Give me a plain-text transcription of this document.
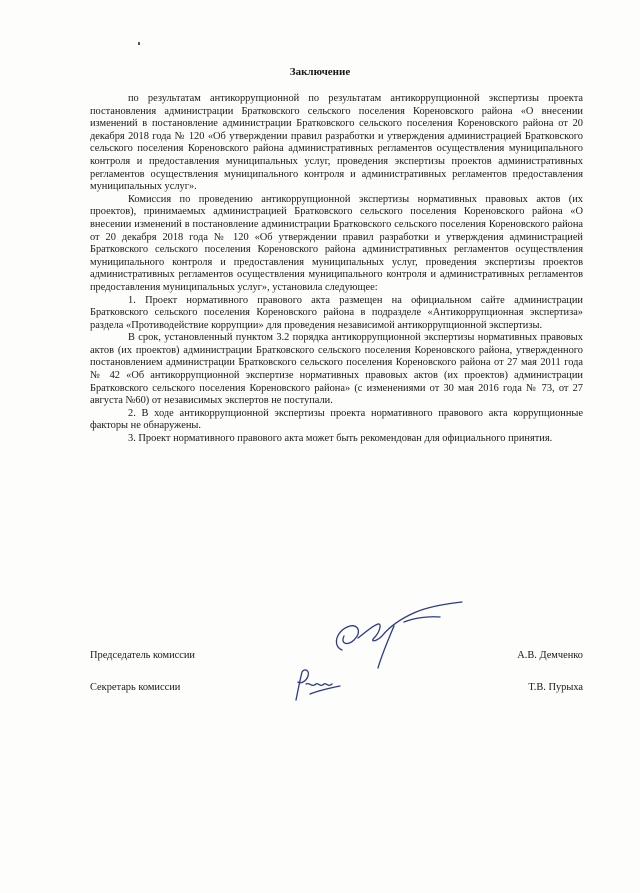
Заключение

по результатам антикоррупционной по результатам антикоррупционной экспертизы проекта постановления администрации Братковского сельского поселения Кореновского района «О внесении изменений в постановление администрации Братковского сельского поселения Кореновского района от 20 декабря 2018 года № 120 «Об утверждении правил разработки и утверждения администрацией Братковского сельского поселения Кореновского района административных регламентов осуществления муниципального контроля и предоставления муниципальных услуг, проведения экспертизы проектов административных регламентов осуществления муниципального контроля и административных регламентов предоставления муниципальных услуг».

Комиссия по проведению антикоррупционной экспертизы нормативных правовых актов (их проектов), принимаемых администрацией Братковского сельского поселения Кореновского района «О внесении изменений в постановление администрации Братковского сельского поселения Кореновского района от 20 декабря 2018 года № 120 «Об утверждении правил разработки и утверждения администрацией Братковского сельского поселения Кореновского района административных регламентов осуществления муниципального контроля и предоставления муниципальных услуг, проведения экспертизы проектов административных регламентов осуществления муниципального контроля и административных регламентов предоставления муниципальных услуг», установила следующее:

1. Проект нормативного правового акта размещен на официальном сайте администрации Братковского сельского поселения Кореновского района в подразделе «Антикоррупционная экспертиза» раздела «Противодействие коррупции» для проведения независимой антикоррупционной экспертизы.

В срок, установленный пунктом 3.2 порядка антикоррупционной экспертизы нормативных правовых актов (их проектов) администрации Братковского сельского поселения Кореновского района, утвержденного постановлением администрации Братковского сельского поселения Кореновского района от 27 мая 2011 года № 42 «Об антикоррупционной экспертизе нормативных правовых актов (их проектов) администрации Братковского сельского поселения Кореновского района» (с изменениями от 30 мая 2016 года № 73, от 27 августа №60) от независимых экспертов не поступали.

2. В ходе антикоррупционной экспертизы проекта нормативного правового акта коррупционные факторы не обнаружены.

3. Проект нормативного правового акта может быть рекомендован для официального принятия.

Председатель комиссии	А.В. Демченко
Секретарь комиссии	Т.В. Пурыха
